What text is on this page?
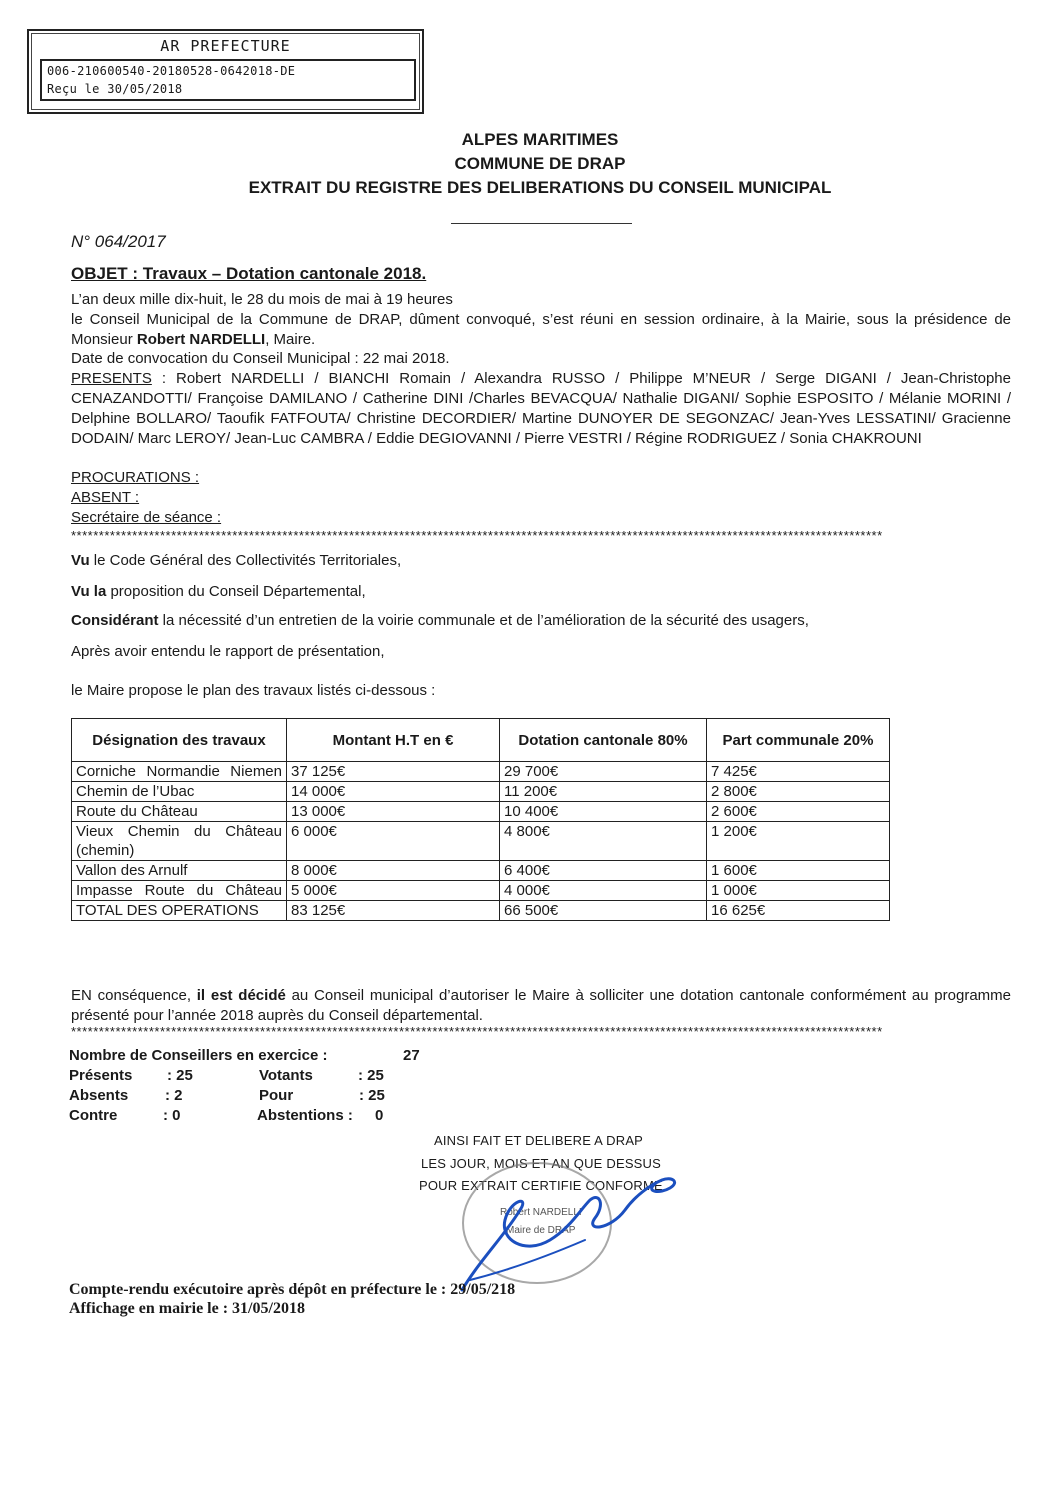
AR PREFECTURE
006-210600540-20180528-0642018-DE
Reçu le 30/05/2018
ALPES MARITIMES
COMMUNE DE DRAP
EXTRAIT DU REGISTRE DES DELIBERATIONS DU CONSEIL MUNICIPAL
N° 064/2017
OBJET : Travaux – Dotation cantonale 2018.
L’an deux mille dix-huit, le 28 du mois de mai à 19 heures
le Conseil Municipal de la Commune de DRAP, dûment convoqué, s’est réuni en session ordinaire, à la Mairie, sous la présidence de Monsieur Robert NARDELLI, Maire.
Date de convocation du Conseil Municipal : 22 mai 2018.
PRESENTS : Robert NARDELLI / BIANCHI Romain / Alexandra RUSSO / Philippe M’NEUR / Serge DIGANI / Jean-Christophe CENAZANDOTTI/ Françoise DAMILANO / Catherine DINI /Charles BEVACQUA/ Nathalie DIGANI/ Sophie ESPOSITO / Mélanie MORINI / Delphine BOLLARO/ Taoufik FATFOUTA/ Christine DECORDIER/ Martine DUNOYER DE SEGONZAC/ Jean-Yves LESSATINI/ Gracienne DODAIN/ Marc LEROY/ Jean-Luc CAMBRA / Eddie DEGIOVANNI / Pierre VESTRI / Régine RODRIGUEZ / Sonia CHAKROUNI
PROCURATIONS :
ABSENT :
Secrétaire de séance :
**************************************************************************************************************************************************
Vu le Code Général des Collectivités Territoriales,
Vu la proposition du Conseil Départemental,
Considérant la nécessité d’un entretien de la voirie communale et de l’amélioration de la sécurité des usagers,
Après avoir entendu le rapport de présentation,
le Maire propose le plan des travaux listés ci-dessous :
Désignation des travaux	Montant H.T en €	Dotation cantonale 80%	Part communale 20%
Corniche Normandie Niemen	37 125€	29 700€	7 425€
Chemin de l’Ubac	14 000€	11 200€	2 800€
Route du Château	13 000€	10 400€	2 600€
Vieux Chemin du Château (chemin)	6 000€	4 800€	1 200€
Vallon des Arnulf	8 000€	6 400€	1 600€
Impasse Route du Château	5 000€	4 000€	1 000€
TOTAL DES OPERATIONS	83 125€	66 500€	16 625€
EN conséquence, il est décidé au Conseil municipal d’autoriser le Maire à solliciter une dotation cantonale conformément au programme présenté pour l’année 2018 auprès du Conseil départemental.
**************************************************************************************************************************************************
Nombre de Conseillers en exercice :	27
Présents : 25	Votants	: 25
Absents : 2	Pour	: 25
Contre	: 0	Abstentions : 0
AINSI FAIT ET DELIBERE A DRAP
LES JOUR, MOIS ET AN QUE DESSUS
POUR EXTRAIT CERTIFIE CONFORME
Robert NARDELLI
Maire de DRAP
Compte-rendu exécutoire après dépôt en préfecture le : 29/05/218
Affichage en mairie le : 31/05/2018
